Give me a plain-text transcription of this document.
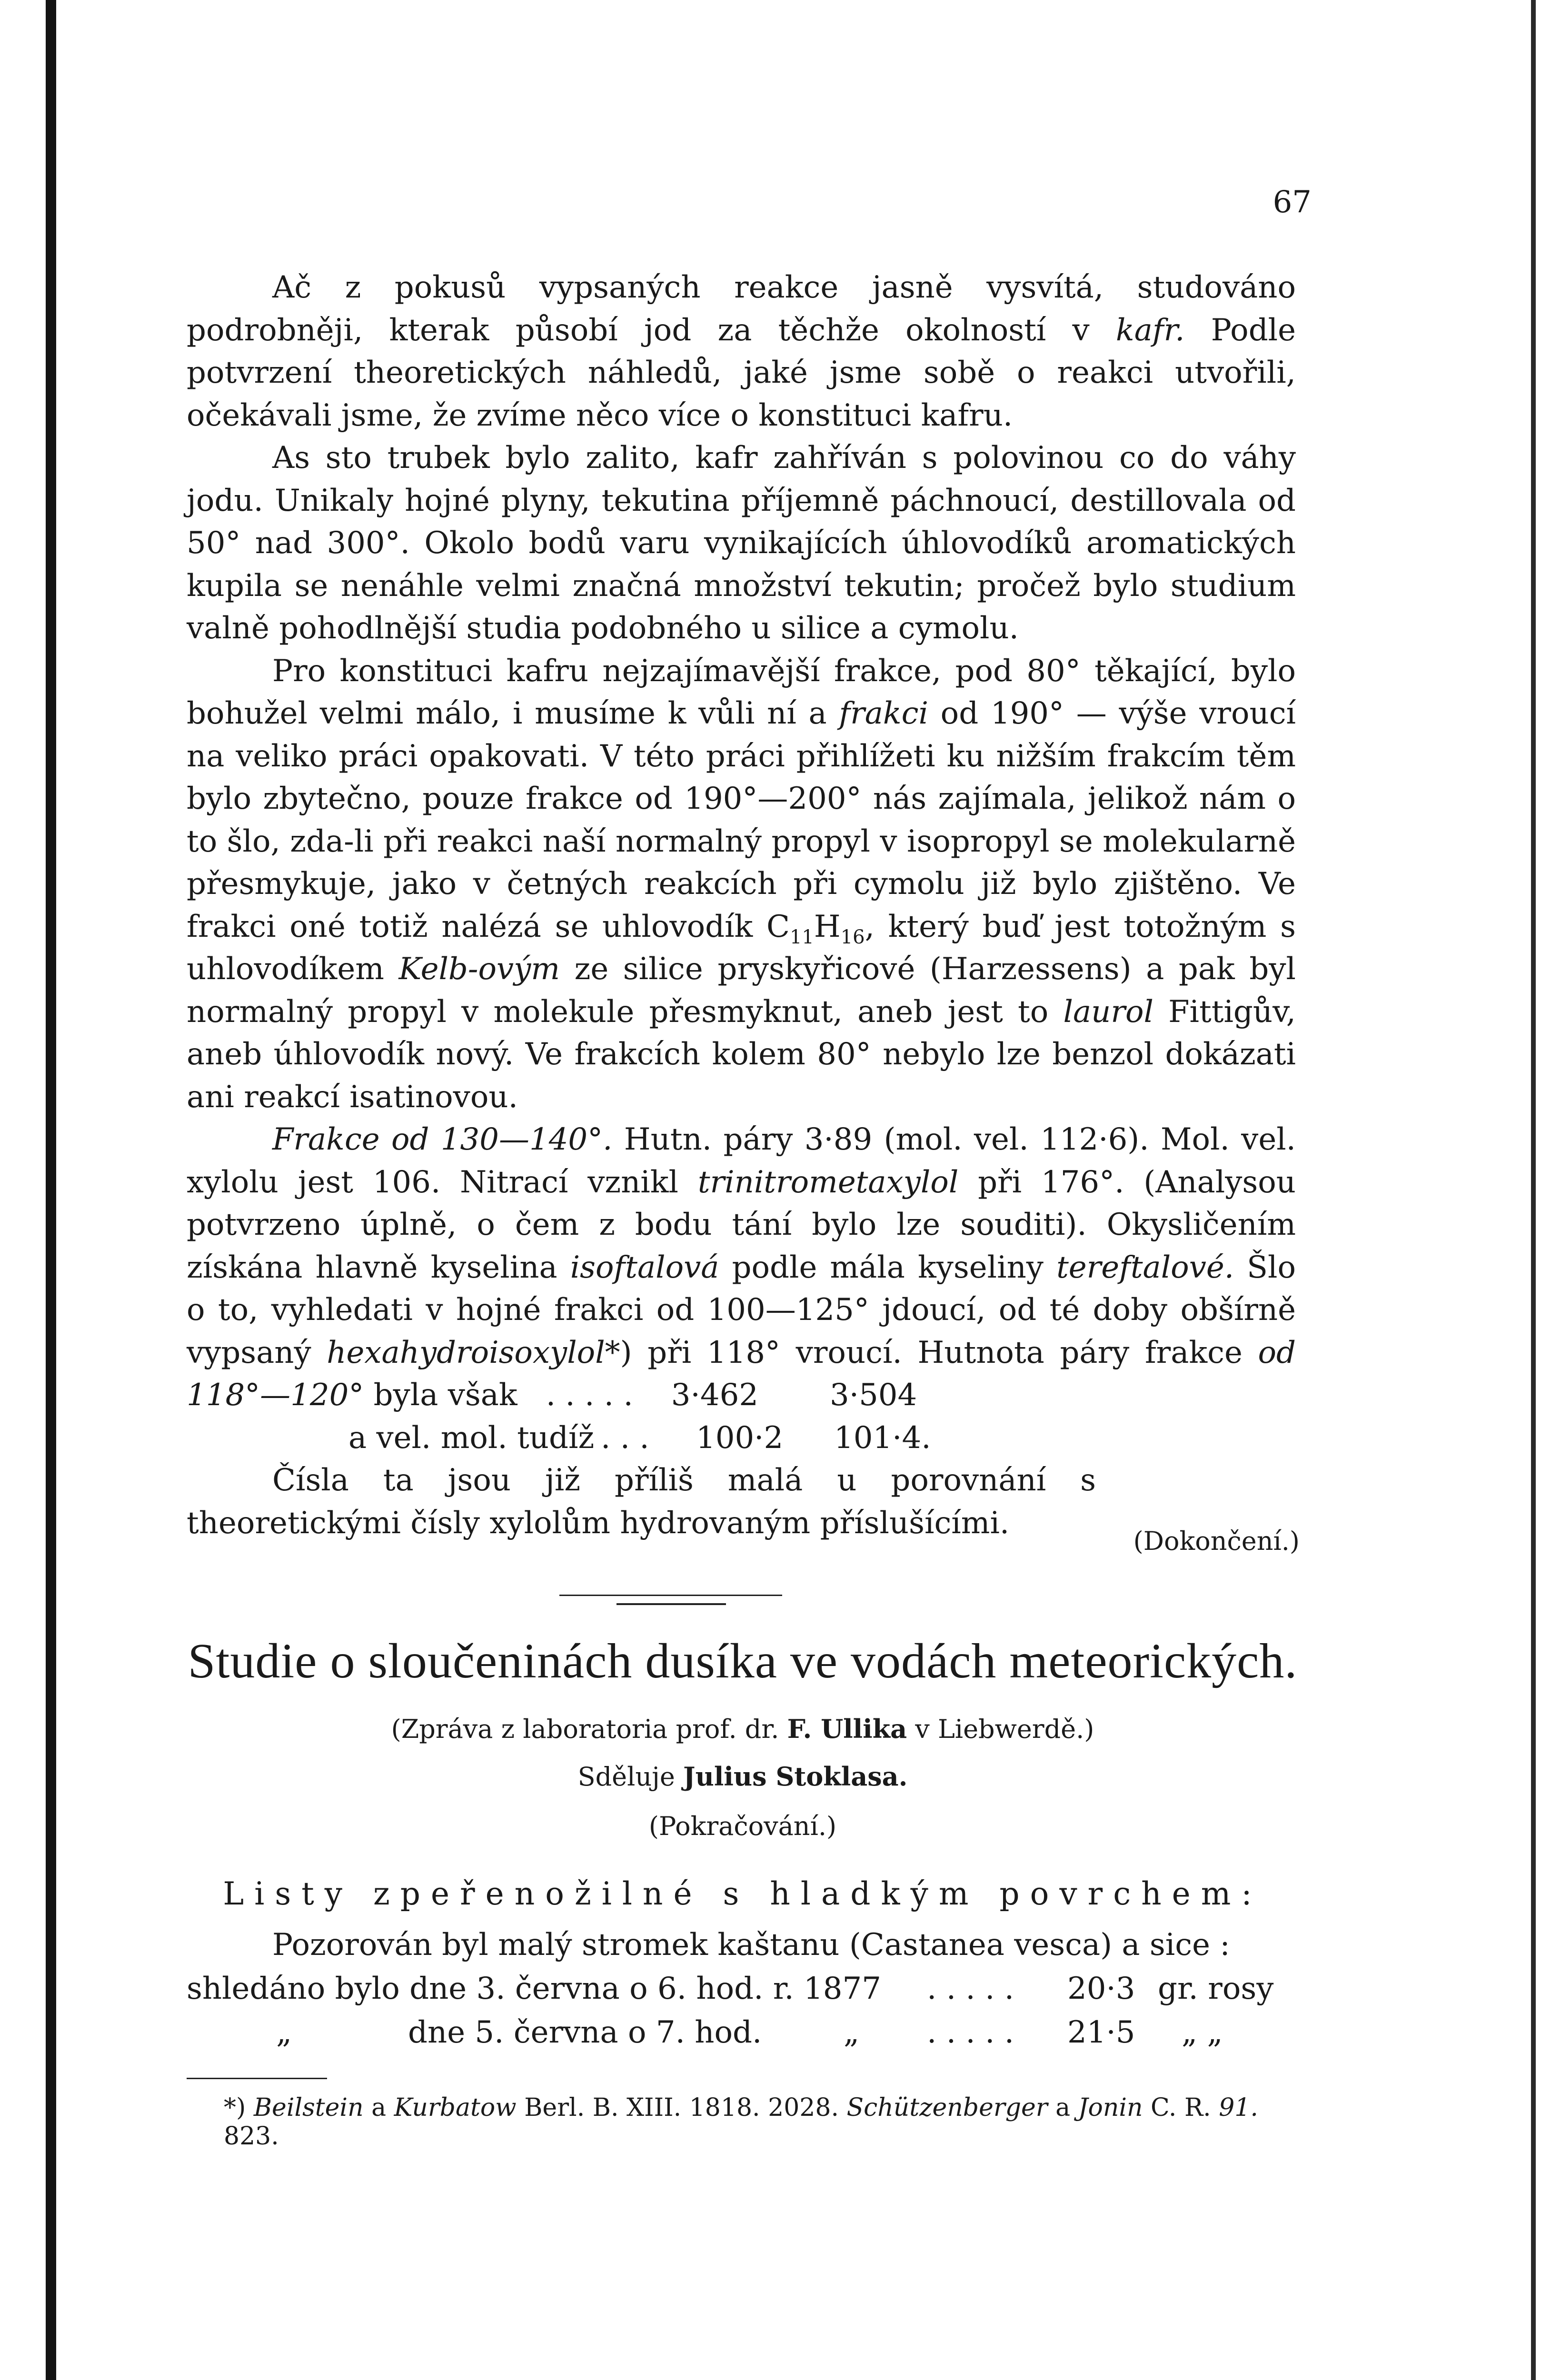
67

Ač z pokusů vypsaných reakce jasně vysvítá, studováno podrobněji, kterak působí jod za těchže okolností v kafr. Podle potvrzení theoretických náhledů, jaké jsme sobě o reakci utvořili, očekávali jsme, že zvíme něco více o konstituci kafru.

As sto trubek bylo zalito, kafr zahříván s polovinou co do váhy jodu. Unikaly hojné plyny, tekutina příjemně páchnoucí, destillovala od 50° nad 300°. Okolo bodů varu vynikajících úhlovodíků aromatických kupila se nenáhle velmi značná množství tekutin; pročež bylo studium valně pohodlnější studia podobného u silice a cymolu.

Pro konstituci kafru nejzajímavější frakce, pod 80° těkající, bylo bohužel velmi málo, i musíme k vůli ní a frakci od 190° — výše vroucí na veliko práci opakovati. V této práci přihlížeti ku nižším frakcím těm bylo zbytečno, pouze frakce od 190°—200° nás zajímala, jelikož nám o to šlo, zda-li při reakci naší normalný propyl v isopropyl se molekularně přesmykuje, jako v četných reakcích při cymolu již bylo zjištěno. Ve frakci oné totiž nalézá se uhlovodík $C_{11}H_{16}$, který buď jest totožným s uhlovodíkem Kelb-ovým ze silice pryskyřicové (Harzessens) a pak byl normalný propyl v molekule přesmyknut, aneb jest to laurol Fittigův, aneb úhlovodík nový. Ve frakcích kolem 80° nebylo lze benzol dokázati ani reakcí isatinovou.

Frakce od 130—140°. Hutn. páry 3·89 (mol. vel. 112·6). Mol. vel. xylolu jest 106. Nitrací vznikl trinitrometaxylol při 176°. (Analysou potvrzeno úplně, o čem z bodu tání bylo lze souditi). Okysličením získána hlavně kyselina isoftalová podlе mála kyseliny tereftalové. Šlo o to, vyhledati v hojné frakci od 100—125° jdoucí, od té doby obšírně vypsaný hexahydroisoxylol*) při 118° vroucí. Hutnota páry frakce od 118°—120° byla však . . . . . 3·462 3·504

a vel. mol. tudíž . . .	100·2	101·4.

Čísla ta jsou již příliš malá u porovnání s theoretickými čísly xylolům hydrovaným příslušícími.

(Dokončení.)
Studie o sloučeninách dusíka ve vodách meteorických.
(Zpráva z laboratoria prof. dr. F. Ullika v Liebwerdě.)
Sděluje Julius Stoklasa.
(Pokračování.)
Listy zpeřenožilné s hladkým povrchem:

Pozorován byl malý stromek kaštanu (Castanea vesca) a sice :

shledáno bylo dne 3. června o 6. hod. r. 1877 . . . . . 20·3 gr. rosy
„	dne 5. června o 7. hod.	„ . . . . . 21·5 „ „
*) Beilstein a Kurbatow Berl. B. XIII. 1818. 2028. Schützenberger a Jonin C. R. 91. 823.
